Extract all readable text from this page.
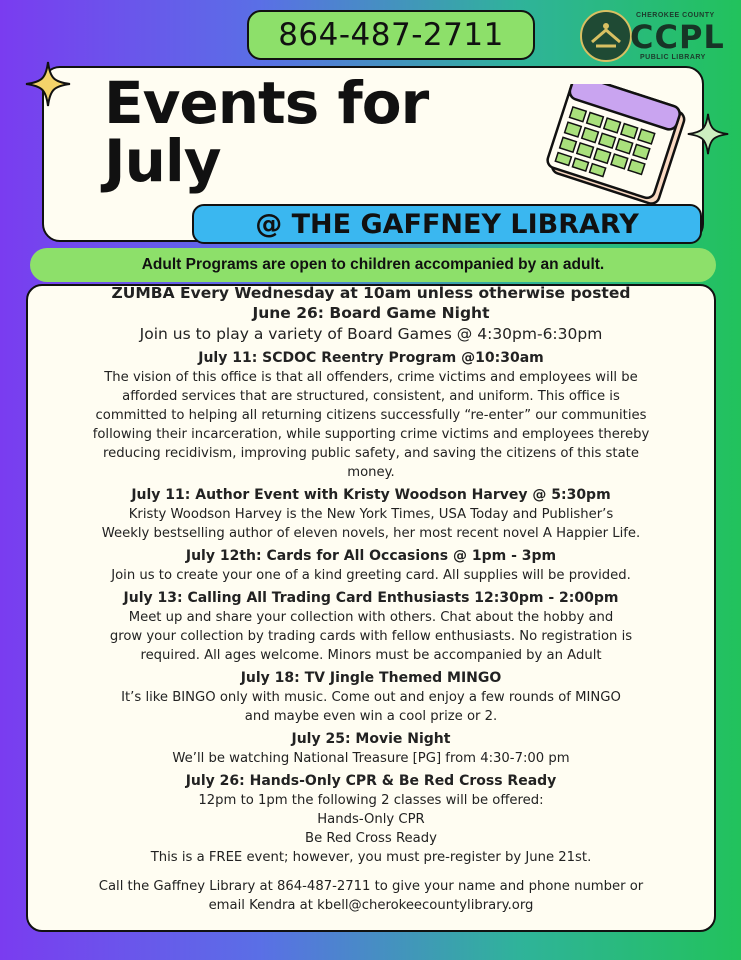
864-487-2711
CHEROKEE COUNTY
CCPL
PUBLIC LIBRARY
Events for
July
@ THE GAFFNEY LIBRARY
Adult Programs are open to children accompanied by an adult.
ZUMBA Every Wednesday at 10am unless otherwise posted
June 26: Board Game Night
Join us to play a variety of Board Games @ 4:30pm-6:30pm
July 11: SCDOC Reentry Program @10:30am
The vision of this office is that all offenders, crime victims and employees will be
afforded services that are structured, consistent, and uniform. This office is
committed to helping all returning citizens successfully “re-enter” our communities
following their incarceration, while supporting crime victims and employees thereby
reducing recidivism, improving public safety, and saving the citizens of this state
money.
July 11: Author Event with Kristy Woodson Harvey @ 5:30pm
Kristy Woodson Harvey is the New York Times, USA Today and Publisher’s
Weekly bestselling author of eleven novels, her most recent novel A Happier Life.
July 12th: Cards for All Occasions @ 1pm - 3pm
Join us to create your one of a kind greeting card. All supplies will be provided.
July 13: Calling All Trading Card Enthusiasts 12:30pm - 2:00pm
Meet up and share your collection with others. Chat about the hobby and
grow your collection by trading cards with fellow enthusiasts. No registration is
required. All ages welcome. Minors must be accompanied by an Adult
July 18: TV Jingle Themed MINGO
It’s like BINGO only with music. Come out and enjoy a few rounds of MINGO
and maybe even win a cool prize or 2.
July 25: Movie Night
We’ll be watching National Treasure [PG] from 4:30-7:00 pm
July 26: Hands-Only CPR & Be Red Cross Ready
12pm to 1pm the following 2 classes will be offered:
Hands-Only CPR
Be Red Cross Ready
This is a FREE event; however, you must pre-register by June 21st.
Call the Gaffney Library at 864-487-2711 to give your name and phone number or
email Kendra at kbell@cherokeecountylibrary.org
